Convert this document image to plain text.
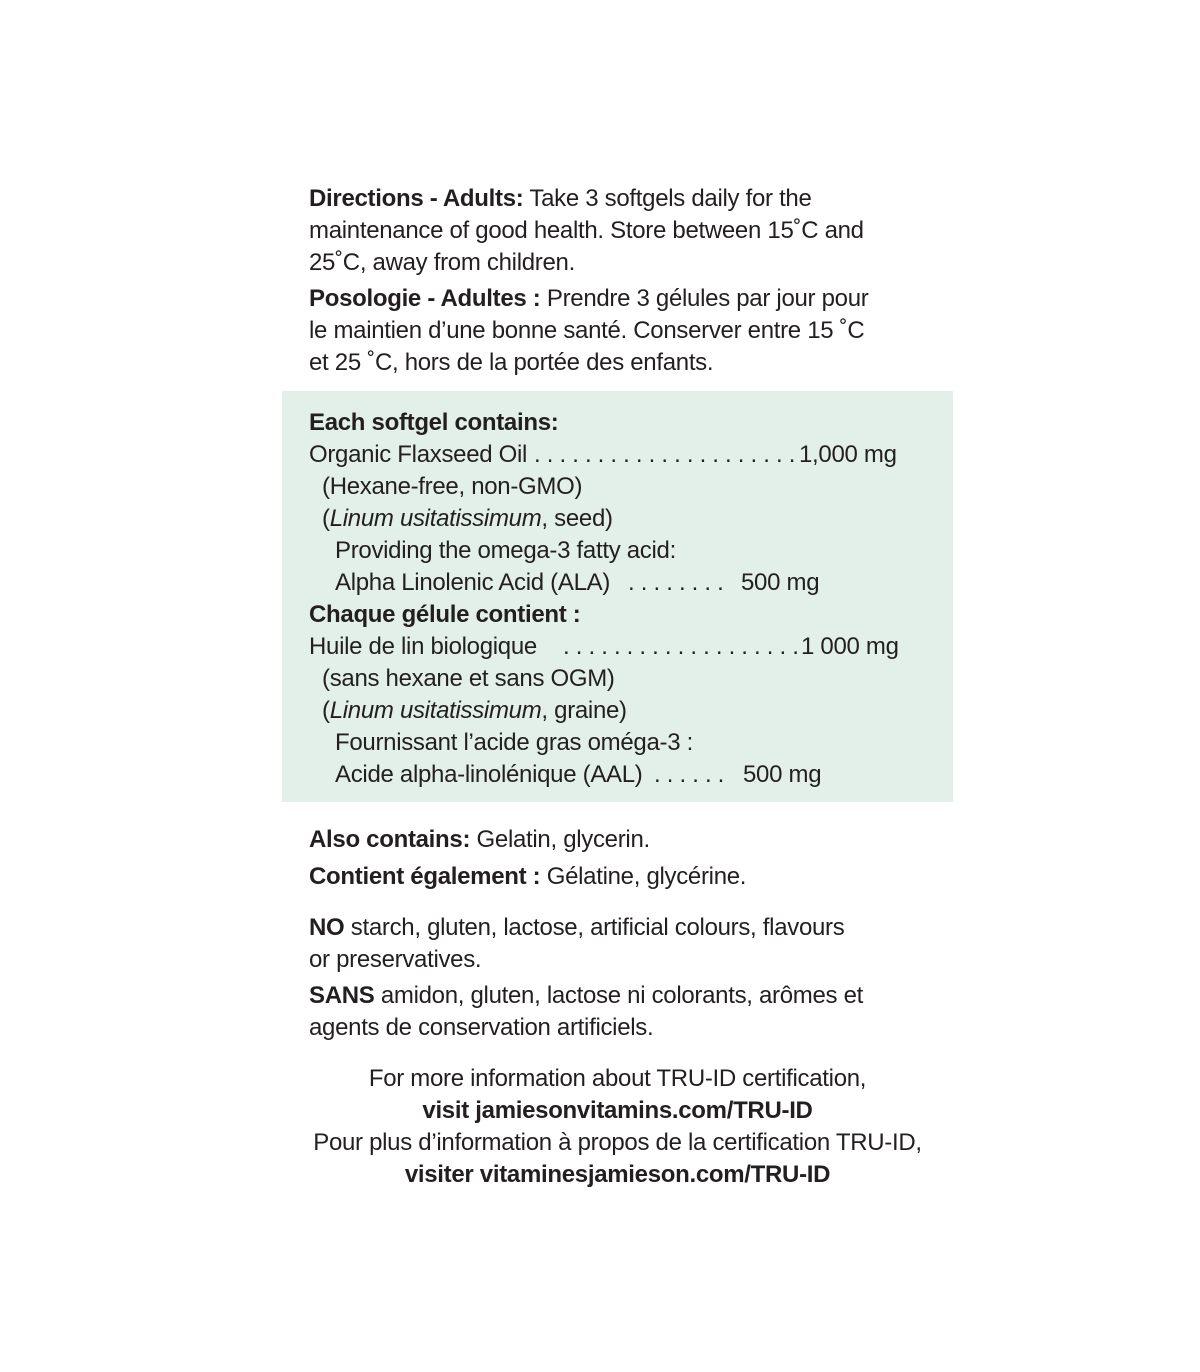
Directions - Adults: Take 3 softgels daily for the

maintenance of good health. Store between 15˚C and

25˚C, away from children.

Posologie - Adultes : Prendre 3 gélules par jour pour

le maintien d’une bonne santé. Conserver entre 15 ˚C

et 25 ˚C, hors de la portée des enfants.

Each softgel contains:

Organic Flaxseed Oil . . . . . . . . . . . . . . . . . . . . . 1,000 mg

(Hexane-free, non-GMO)

(Linum usitatissimum, seed)

Providing the omega-3 fatty acid:

Alpha Linolenic Acid (ALA) . . . . . . . . 500 mg

Chaque gélule contient :

Huile de lin biologique . . . . . . . . . . . . . . . . . . . 1 000 mg

(sans hexane et sans OGM)

(Linum usitatissimum, graine)

Fournissant l’acide gras oméga-3 :

Acide alpha-linolénique (AAL) . . . . . . 500 mg

Also contains: Gelatin, glycerin.

Contient également : Gélatine, glycérine.

NO starch, gluten, lactose, artificial colours, flavours

or preservatives.

SANS amidon, gluten, lactose ni colorants, arômes et

agents de conservation artificiels.

For more information about TRU-ID certification,

visit jamiesonvitamins.com/TRU-ID

Pour plus d’information à propos de la certification TRU-ID,

visiter vitaminesjamieson.com/TRU-ID
